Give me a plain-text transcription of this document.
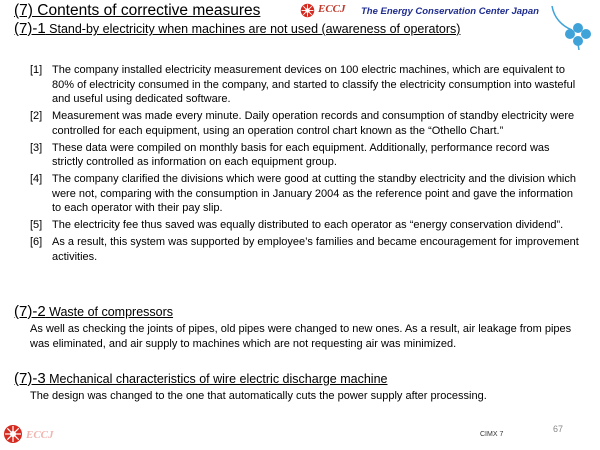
(7) Contents of corrective measures	ECCJ The Energy Conservation Center Japan
(7)-1 Stand-by electricity when machines are not used (awareness of operators)
[1] The company installed electricity measurement devices on 100 electric machines, which are equivalent to 80% of electricity consumed in the company, and started to classify the electricity consumption into wasteful and useful using dedicated software.
[2] Measurement was made every minute. Daily operation records and consumption of standby electricity were controlled for each equipment, using an operation control chart known as the “Othello Chart.”
[3] These data were compiled on monthly basis for each equipment. Additionally, performance record was strictly controlled as information on each equipment group.
[4] The company clarified the divisions which were good at cutting the standby electricity and the division which were not, comparing with the consumption in January 2004 as the reference point and gave the information to each operator with their pay slip.
[5] The electricity fee thus saved was equally distributed to each operator as “energy conservation dividend”.
[6] As a result, this system was supported by employee’s families and became encouragement for improvement activities.
(7)-2 Waste of compressors
As well as checking the joints of pipes, old pipes were changed to new ones. As a result, air leakage from pipes was eliminated, and air supply to machines which are not requesting air was minimized.
(7)-3 Mechanical characteristics of wire electric discharge machine
The design was changed to the one that automatically cuts the power supply after processing.
ECCJ	CIMX 7
67
